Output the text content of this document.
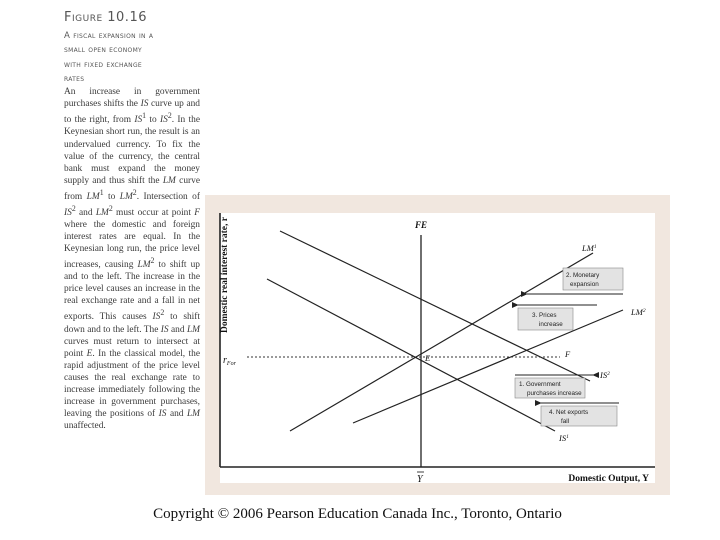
Figure 10.16
A fiscal expansion in a
small open economy
with fixed exchange
rates
An increase in government purchases shifts the IS curve up and to the right, from $IS^1$ to $IS^2$. In the Keynesian short run, the result is an undervalued currency. To fix the value of the currency, the central bank must expand the money supply and thus shift the LM curve from $LM^1$ to $LM^2$. Intersection of $IS^2$ and $LM^2$ must occur at point F where the domestic and foreign interest rates are equal. In the Keynesian long run, the price level increases, causing $LM^2$ to shift up and to the left. The increase in the price level causes an increase in the real exchange rate and a fall in net exports. This causes $IS^2$ to shift down and to the left. The IS and LM curves must return to intersect at point E. In the classical model, the rapid adjustment of the price level causes the real exchange rate to increase immediately following the increase in government purchases, leaving the positions of IS and LM unaffected.
Domestic real interest rate, r
$r_{For}$
FE
Y
$LM^1$
$LM^2$
$IS^1$
$IS^2$
E	F
2. Monetary
expansion
3. Prices
increase
1. Government
purchases increase
4. Net exports
fall
Domestic Output, Y
Copyright © 2006 Pearson Education Canada Inc., Toronto, Ontario
